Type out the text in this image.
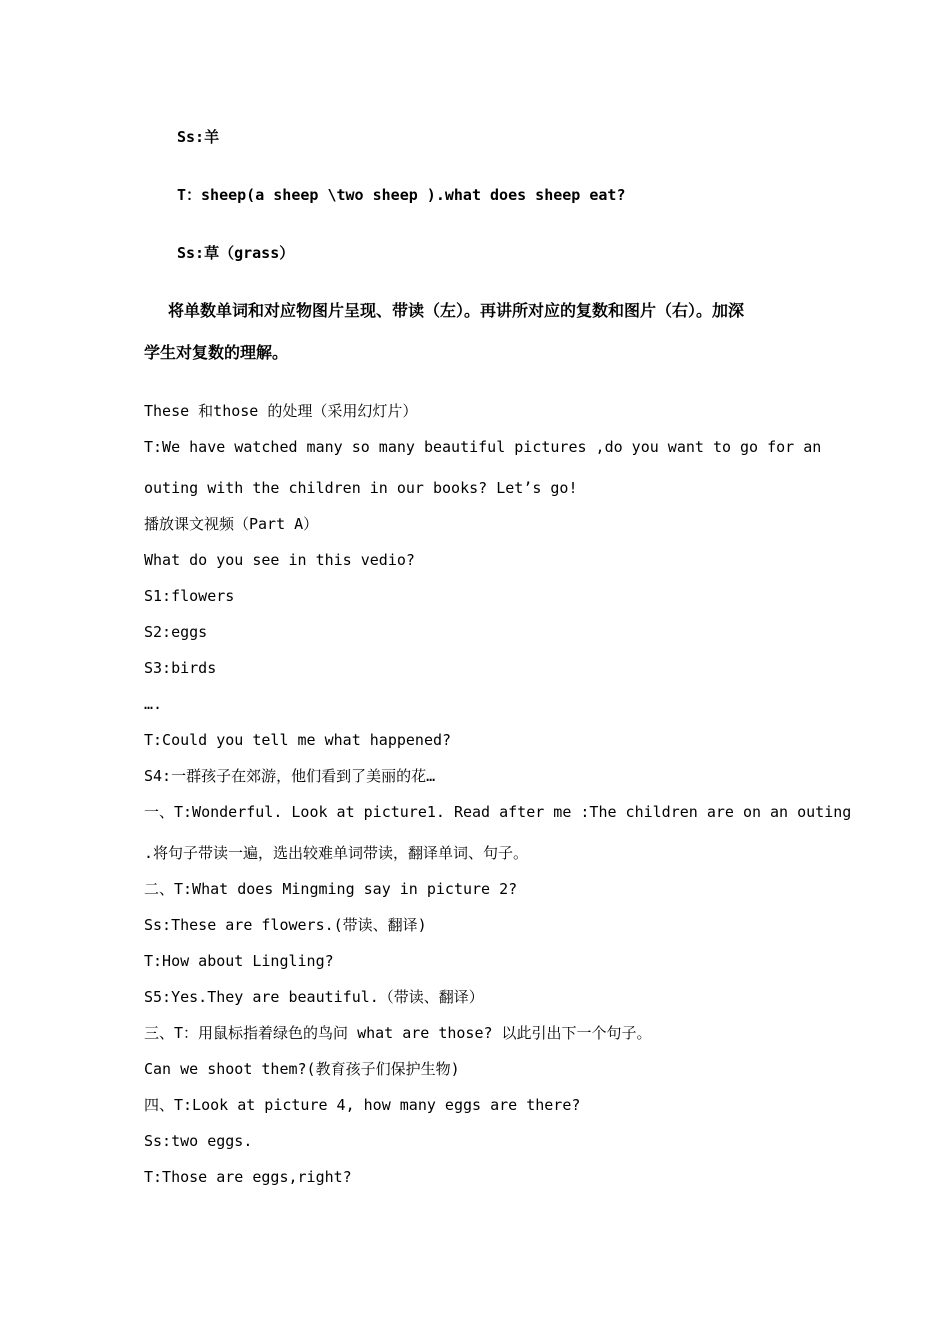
Ss:羊
T：sheep(a sheep \two sheep ).what does sheep eat?
Ss:草（grass）
将单数单词和对应物图片呈现、带读（左）。再讲所对应的复数和图片（右）。加深
学生对复数的理解。
These 和those 的处理（采用幻灯片）
T:We have watched many so many beautiful pictures ,do you want to go for an
outing with the children in our books? Let’s go!
播放课文视频（Part A）
What do you see in this vedio?
S1:flowers
S2:eggs
S3:birds
….
T:Could you tell me what happened?
S4:一群孩子在郊游，他们看到了美丽的花…
一、T:Wonderful. Look at picture1. Read after me :The children are on an outing
.将句子带读一遍，选出较难单词带读，翻译单词、句子。
二、T:What does Mingming say in picture 2?
Ss:These are flowers.(带读、翻译)
T:How about Lingling?
S5:Yes.They are beautiful.（带读、翻译）
三、T：用鼠标指着绿色的鸟问 what are those? 以此引出下一个句子。
Can we shoot them?(教育孩子们保护生物)
四、T:Look at picture 4, how many eggs are there?
Ss:two eggs.
T:Those are eggs,right?
